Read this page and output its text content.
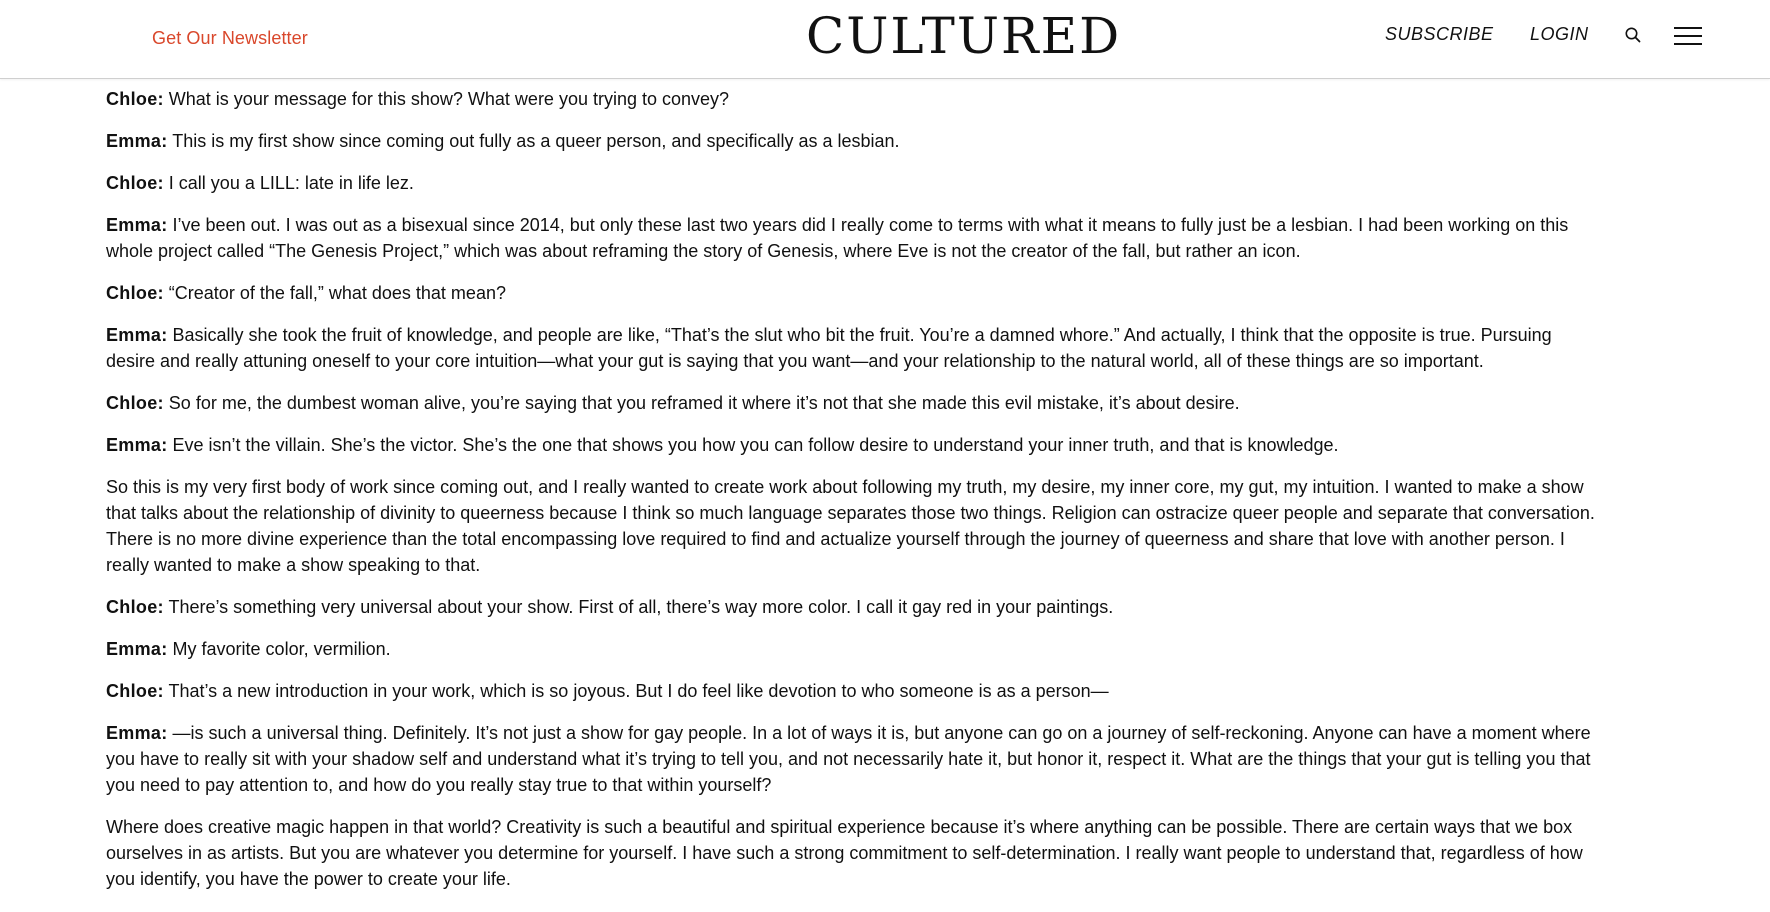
Get Our Newsletter	CULTURED	SUBSCRIBE LOGIN

Chloe: What is your message for this show? What were you trying to convey?

Emma: This is my first show since coming out fully as a queer person, and specifically as a lesbian.

Chloe: I call you a LILL: late in life lez.

Emma: I’ve been out. I was out as a bisexual since 2014, but only these last two years did I really come to terms with what it means to fully just be a lesbian. I had been working on this whole project called “The Genesis Project,” which was about reframing the story of Genesis, where Eve is not the creator of the fall, but rather an icon.

Chloe: “Creator of the fall,” what does that mean?

Emma: Basically she took the fruit of knowledge, and people are like, “That’s the slut who bit the fruit. You’re a damned whore.” And actually, I think that the opposite is true. Pursuing desire and really attuning oneself to your core intuition—what your gut is saying that you want—and your relationship to the natural world, all of these things are so important.

Chloe: So for me, the dumbest woman alive, you’re saying that you reframed it where it’s not that she made this evil mistake, it’s about desire.

Emma: Eve isn’t the villain. She’s the victor. She’s the one that shows you how you can follow desire to understand your inner truth, and that is knowledge.

So this is my very first body of work since coming out, and I really wanted to create work about following my truth, my desire, my inner core, my gut, my intuition. I wanted to make a show that talks about the relationship of divinity to queerness because I think so much language separates those two things. Religion can ostracize queer people and separate that conversation. There is no more divine experience than the total encompassing love required to find and actualize yourself through the journey of queerness and share that love with another person. I really wanted to make a show speaking to that.

Chloe: There’s something very universal about your show. First of all, there’s way more color. I call it gay red in your paintings.

Emma: My favorite color, vermilion.

Chloe: That’s a new introduction in your work, which is so joyous. But I do feel like devotion to who someone is as a person—

Emma: —is such a universal thing. Definitely. It’s not just a show for gay people. In a lot of ways it is, but anyone can go on a journey of self-reckoning. Anyone can have a moment where you have to really sit with your shadow self and understand what it’s trying to tell you, and not necessarily hate it, but honor it, respect it. What are the things that your gut is telling you that you need to pay attention to, and how do you really stay true to that within yourself?

Where does creative magic happen in that world? Creativity is such a beautiful and spiritual experience because it’s where anything can be possible. There are certain ways that we box ourselves in as artists. But you are whatever you determine for yourself. I have such a strong commitment to self-determination. I really want people to understand that, regardless of how you identify, you have the power to create your life.
